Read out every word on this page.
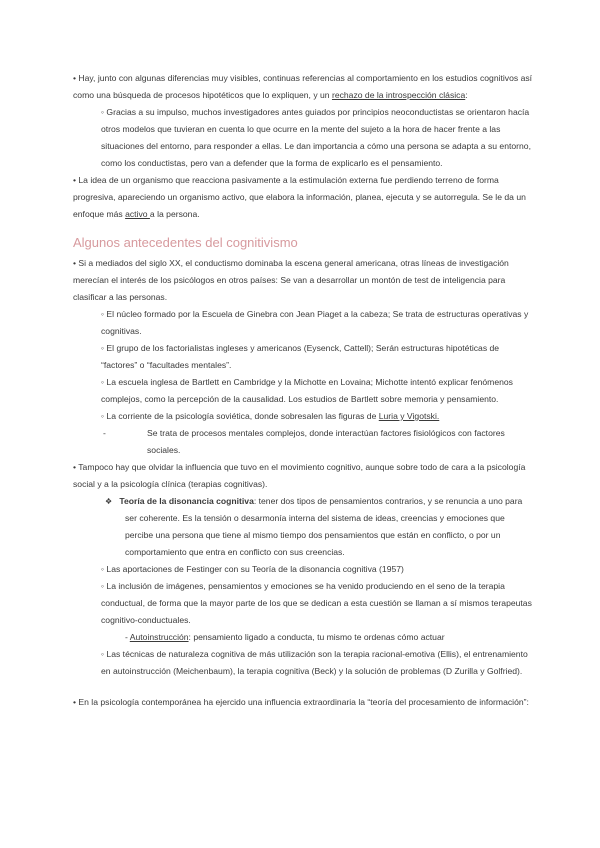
• Hay, junto con algunas diferencias muy visibles, continuas referencias al comportamiento en los estudios cognitivos así como una búsqueda de procesos hipotéticos que lo expliquen, y un rechazo de la introspección clásica:

◦ Gracias a su impulso, muchos investigadores antes guiados por principios neoconductistas se orientaron hacía otros modelos que tuvieran en cuenta lo que ocurre en la mente del sujeto a la hora de hacer frente a las situaciones del entorno, para responder a ellas. Le dan importancia a cómo una persona se adapta a su entorno, como los conductistas, pero van a defender que la forma de explicarlo es el pensamiento.

• La idea de un organismo que reacciona pasivamente a la estimulación externa fue perdiendo terreno de forma progresiva, apareciendo un organismo activo, que elabora la información, planea, ejecuta y se autorregula. Se le da un enfoque más activo a la persona.

Algunos antecedentes del cognitivismo

• Si a mediados del siglo XX, el conductismo dominaba la escena general americana, otras líneas de investigación merecían el interés de los psicólogos en otros países: Se van a desarrollar un montón de test de inteligencia para clasificar a las personas.

◦ El núcleo formado por la Escuela de Ginebra con Jean Piaget a la cabeza; Se trata de estructuras operativas y cognitivas.

◦ El grupo de los factorialistas ingleses y americanos (Eysenck, Cattell); Serán estructuras hipotéticas de “factores” o “facultades mentales”.

◦ La escuela inglesa de Bartlett en Cambridge y la Michotte en Lovaina; Michotte intentó explicar fenómenos complejos, como la percepción de la causalidad. Los estudios de Bartlett sobre memoria y pensamiento.

◦ La corriente de la psicología soviética, donde sobresalen las figuras de Luria y Vigotski.

-	Se trata de procesos mentales complejos, donde interactúan factores fisiológicos con factores sociales.

• Tampoco hay que olvidar la influencia que tuvo en el movimiento cognitivo, aunque sobre todo de cara a la psicología social y a la psicología clínica (terapias cognitivas).

❖ Teoría de la disonancia cognitiva: tener dos tipos de pensamientos contrarios, y se renuncia a uno para ser coherente. Es la tensión o desarmonía interna del sistema de ideas, creencias y emociones que percibe una persona que tiene al mismo tiempo dos pensamientos que están en conflicto, o por un comportamiento que entra en conflicto con sus creencias.

◦ Las aportaciones de Festinger con su Teoría de la disonancia cognitiva (1957)

◦ La inclusión de imágenes, pensamientos y emociones se ha venido produciendo en el seno de la terapia conductual, de forma que la mayor parte de los que se dedican a esta cuestión se llaman a sí mismos terapeutas cognitivo-conductuales.

- Autoinstrucción: pensamiento ligado a conducta, tu mismo te ordenas cómo actuar

◦ Las técnicas de naturaleza cognitiva de más utilización son la terapia racional-emotiva (Ellis), el entrenamiento en autoinstrucción (Meichenbaum), la terapia cognitiva (Beck) y la solución de problemas (D Zurilla y Golfried).

• En la psicología contemporánea ha ejercido una influencia extraordinaria la “teoría del procesamiento de información”:
